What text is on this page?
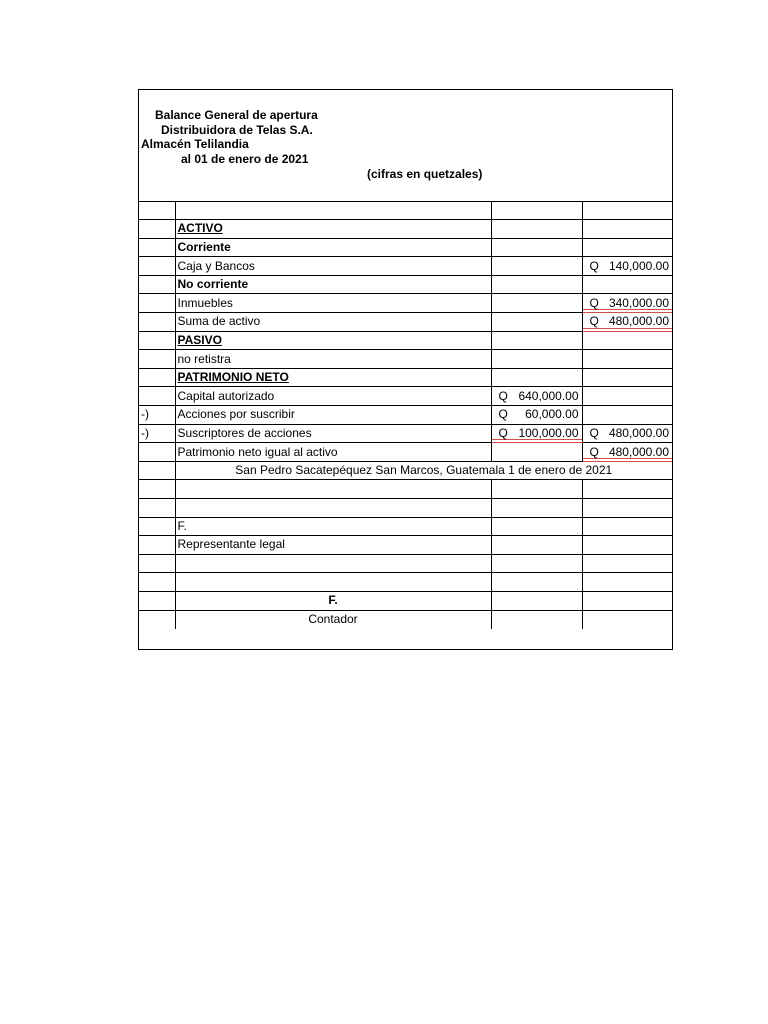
Balance General de apertura
Distribuidora de Telas S.A.
Almacén Telilandia
al 01 de enero de 2021
(cifras en quetzales)

	ACTIVO		
	Corriente		
	Caja y Bancos		Q 140,000.00

	No corriente		
	Inmuebles		Q 340,000.00

	Suma de activo		Q 480,000.00

	PASIVO		
	no retistra		
	PATRIMONIO NETO		
	Capital autorizado	Q 640,000.00	

-)	Acciones por suscribir	Q 60,000.00	

-)	Suscriptores de acciones	Q 100,000.00	Q 480,000.00

	Patrimonio neto igual al activo		Q 480,000.00

	San Pedro Sacatepéquez San Marcos, Guatemala 1 de enero de 2021		

	F.		
	Representante legal		

	F.		
	Contador		
